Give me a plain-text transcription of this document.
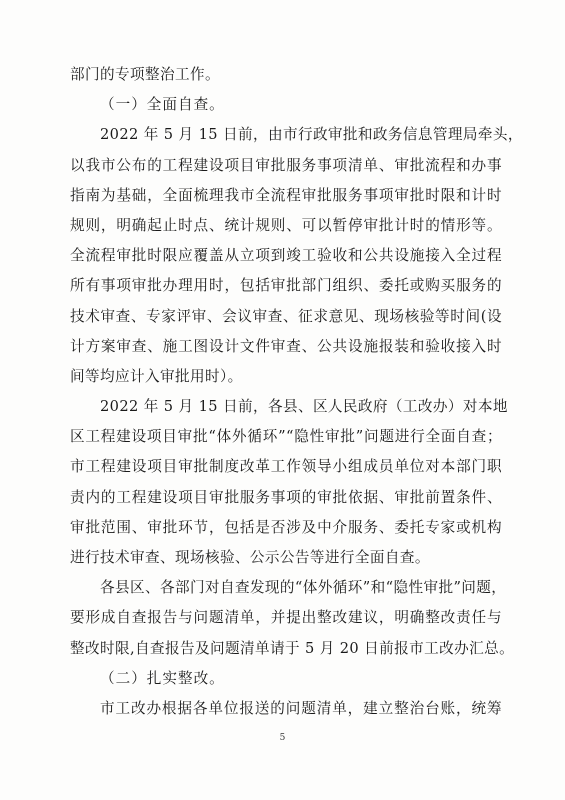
部门的专项整治工作。
（一）全面自查。
2022 年 5 月 15 日前，由市行政审批和政务信息管理局牵头，
以我市公布的工程建设项目审批服务事项清单、审批流程和办事
指南为基础，全面梳理我市全流程审批服务事项审批时限和计时
规则，明确起止时点、统计规则、可以暂停审批计时的情形等。
全流程审批时限应覆盖从立项到竣工验收和公共设施接入全过程
所有事项审批办理用时，包括审批部门组织、委托或购买服务的
技术审查、专家评审、会议审查、征求意见、现场核验等时间(设
计方案审查、施工图设计文件审查、公共设施报装和验收接入时
间等均应计入审批用时）。
2022 年 5 月 15 日前，各县、区人民政府（工改办）对本地
区工程建设项目审批“体外循环”“隐性审批”问题进行全面自查；
市工程建设项目审批制度改革工作领导小组成员单位对本部门职
责内的工程建设项目审批服务事项的审批依据、审批前置条件、
审批范围、审批环节，包括是否涉及中介服务、委托专家或机构
进行技术审查、现场核验、公示公告等进行全面自查。
各县区、各部门对自查发现的“体外循环”和“隐性审批”问题，
要形成自查报告与问题清单，并提出整改建议，明确整改责任与
整改时限,自查报告及问题清单请于 5 月 20 日前报市工改办汇总。
（二）扎实整改。
市工改办根据各单位报送的问题清单，建立整治台账，统筹
5
